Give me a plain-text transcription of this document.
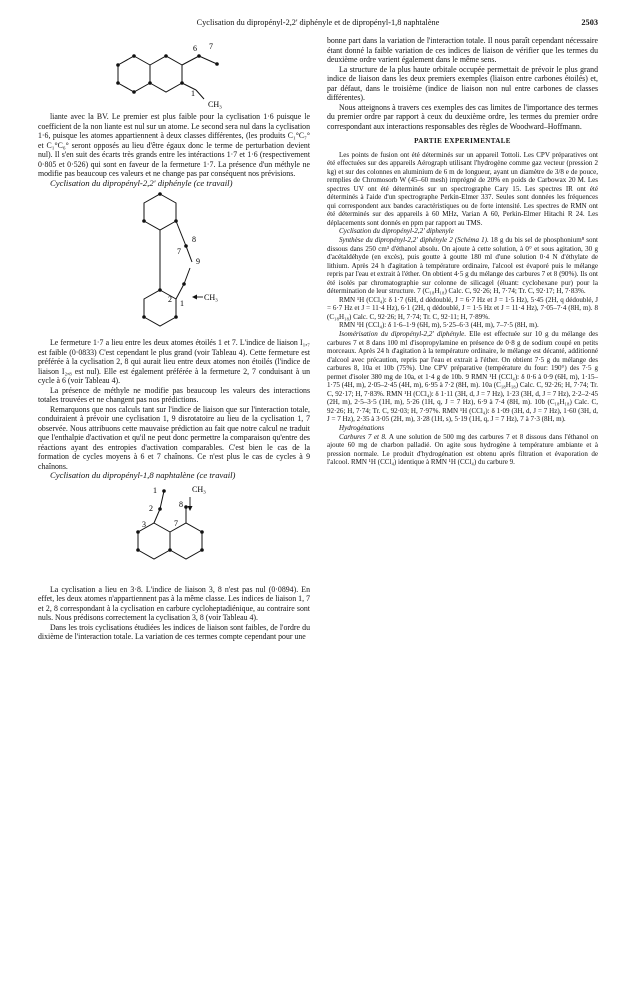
Cyclisation du dipropényl-2,2' diphényle et de dipropényl-1,8 naphtalène	2503
7
6
1
CH₃

liante avec la BV. Le premier est plus faible pour la cyclisation 1·6 puisque le coefficient de la non liante est nul sur un atome. Le second sera nul dans la cyclisation 1·6, puisque les atomes appartiennent à deux classes différentes, (les produits C₁°C₇° et C₁°C₆° seront opposés au lieu d'être égaux donc le terme de perturbation devient nul). Il s'en suit des écarts très grands entre les intéractions 1·7 et 1·6 (respectivement 0·805 et 0·526) qui sont en faveur de la fermeture 1·7. La présence d'un méthyle ne modifie pas beaucoup ces valeurs et ne change pas par conséquent nos prévisions.

Cyclisation du dipropényl-2,2' diphényle (ce travail)

8
7
9
2 1
CH₃

Le fermeture 1·7 a lieu entre les deux atomes étoilés 1 et 7. L'indice de liaison I₁,₇ est faible (0·0833) C'est cependant le plus grand (voir Tableau 4). Cette fermeture est préférée à la cyclisation 2, 8 qui aurait lieu entre deux atomes non étoilés (l'indice de liaison I₂,₈ est nul). Elle est également préférée à la fermeture 2, 7 conduisant à un cycle à 6 (voir Tableau 4).

La présence de méthyle ne modifie pas beaucoup les valeurs des interactions totales trouvées et ne changent pas nos prédictions.

Remarquons que nos calculs tant sur l'indice de liaison que sur l'interaction totale, conduiraient à prévoir une cyclisation 1, 9 disrotatoire au lieu de la cyclisation 1, 7 observée. Nous attribuons cette mauvaise prédiction au fait que notre calcul ne traduit que l'enthalpie d'activation et qu'il ne peut donc permettre la comparaison qu'entre des réactions ayant des entropies d'activation comparables. C'est bien le cas de la formation de cycles moyens à 6 et 7 chaînons. Ce n'est plus le cas de cycles à 9 chaînons.

Cyclisation du dipropényl-1,8 naphtalène (ce travail)

1
2	8
3	7
CH₃

La cyclisation a lieu en 3·8. L'indice de liaison 3, 8 n'est pas nul (0·0894). En effet, les deux atomes n'appartiennent pas à la même classe. Les indices de liaison 1, 7 et 2, 8 correspondant à la cyclisation en carbure cycloheptadiénique, au contraire sont nuls. Nous prédisons correctement la cyclisation 3, 8 (voir Tableau 4).

Dans les trois cyclisations étudiées les indices de liaison sont faibles, de l'ordre du dixième de l'interaction totale. La variation de ces termes compte cependant pour une

bonne part dans la variation de l'interaction totale. Il nous paraît cependant nécessaire étant donné la faible variation de ces indices de liaison de vérifier que les termes du deuxième ordre varient également dans le même sens.

La structure de la plus haute orbitale occupée permettait de prévoir le plus grand indice de liaison dans les deux premiers exemples (liaison entre carbones étoilés) et, par défaut, dans le troisième (indice de liaison non nul entre carbones de classes différentes).

Nous atteignons à travers ces exemples des cas limites de l'importance des termes du premier ordre par rapport à ceux du deuxième ordre, les termes du premier ordre correspondant aux interactions responsables des règles de Woodward–Hoffmann.

PARTIE EXPERIMENTALE

Les points de fusion ont été déterminés sur un appareil Tottoli. Les CPV préparatives ont été effectuées sur des appareils Aérograph utilisant l'hydrogène comme gaz vecteur (pression 2 kg) et sur des colonnes en aluminium de 6 m de longueur, ayant un diamètre de 3/8 e de pouce, remplies de Chromosorb W (45–60 mesh) imprégné de 20% en poids de Carbowax 20 M. Les spectres UV ont été déterminés sur un spectrographe Cary 15. Les spectres IR ont été déterminés à l'aide d'un spectrographe Perkin-Elmer 337. Seules sont données les fréquences qui correspondent aux bandes caractéristiques ou de forte intensité. Les spectres de RMN ont été déterminés sur des appareils à 60 MHz, Varian A 60, Perkin-Elmer Hitachi R 24. Les déplacements sont donnés en ppm par rapport au TMS.

Cyclisation du dipropényl-2,2' diphenyle

Synthèse du dipropényl-2,2' diphényle 2 (Schéma 1). 18 g du bis sel de phosphonium⁸ sont dissous dans 250 cm³ d'éthanol absolu. On ajoute à cette solution, à 0° et sous agitation, 30 g d'acétaldéhyde (en excès), puis goutte à goutte 180 ml d'une solution 0·4 N d'éthylate de lithium. Après 24 h d'agitation à température ordinaire, l'alcool est évaporé puis le mélange repris par l'eau et extrait à l'éther. On obtient 4·5 g du mélange des carbures 7 et 8 (90%). Ils ont été isolés par chromatographie sur colonne de silicagel (éluant: cyclohexane pur) pour la détermination de leur structure. 7 (C₁₈H₁₈) Calc. C, 92·26; H, 7·74; Tr. C, 92·17; H, 7·83%.

RMN ¹H (CCl₄): δ 1·7 (6H, d dédoublé, J = 6·7 Hz et J = 1·5 Hz), 5·45 (2H, q dédoublé, J = 6·7 Hz et J = 11·4 Hz), 6·1 (2H, q dédoublé, J = 1·5 Hz et J = 11·4 Hz), 7·05–7·4 (8H, m). 8 (C₁₈H₁₈) Calc. C, 92·26; H, 7·74; Tr. C, 92·11; H, 7·89%.

RMN ¹H (CCl₄): δ 1·6–1·9 (6H, m), 5·25–6·3 (4H, m), 7–7·5 (8H, m).

Isomérisation du dipropényl-2,2' diphényle. Elle est effectuée sur 10 g du mélange des carbures 7 et 8 dans 100 ml d'isopropylamine en présence de 0·8 g de sodium coupé en petits morceaux. Après 24 h d'agitation à la température ordinaire, le mélange est décanté, additionné d'alcool avec précaution, repris par l'eau et extrait à l'éther. On obtient 7·5 g du mélange des carbures 8, 10a et 10b (75%). Une CPV préparative (température du four: 190°) des 7·5 g permet d'isoler 380 mg de 10a, et 1·4 g de 10b. 9 RMN ¹H (CCl₄): δ 0·6 à 0·9 (6H, m), 1·15–1·75 (4H, m), 2·05–2·45 (4H, m), 6·95 à 7·2 (8H, m). 10a (C₁₈H₁₈) Calc. C, 92·26; H, 7·74; Tr. C, 92·17; H, 7·83%. RMN ¹H (CCl₄): δ 1·11 (3H, d, J = 7 Hz), 1·23 (3H, d, J = 7 Hz), 2·2–2·45 (2H, m), 2·5–3·5 (1H, m), 5·26 (1H, q, J = 7 Hz), 6·9 à 7·4 (8H, m). 10b (C₁₈H₁₈) Calc. C, 92·26; H, 7·74; Tr. C, 92·03; H, 7·97%. RMN ¹H (CCl₄): δ 1·09 (3H, d, J = 7 Hz), 1·60 (3H, d, J = 7 Hz), 2·35 à 3·05 (2H, m), 3·28 (1H, s), 5·19 (1H, q, J = 7 Hz), 7 à 7·3 (8H, m).

Hydrogénations

Carbures 7 et 8. A une solution de 500 mg des carbures 7 et 8 dissous dans l'éthanol on ajoute 60 mg de charbon palladié. On agite sous hydrogène à température ambiante et à pression normale. Le produit d'hydrogénation est obtenu après filtration et évaporation de l'alcool. RMN ¹H (CCl₄) identique à RMN ¹H (CCl₄) du carbure 9.
